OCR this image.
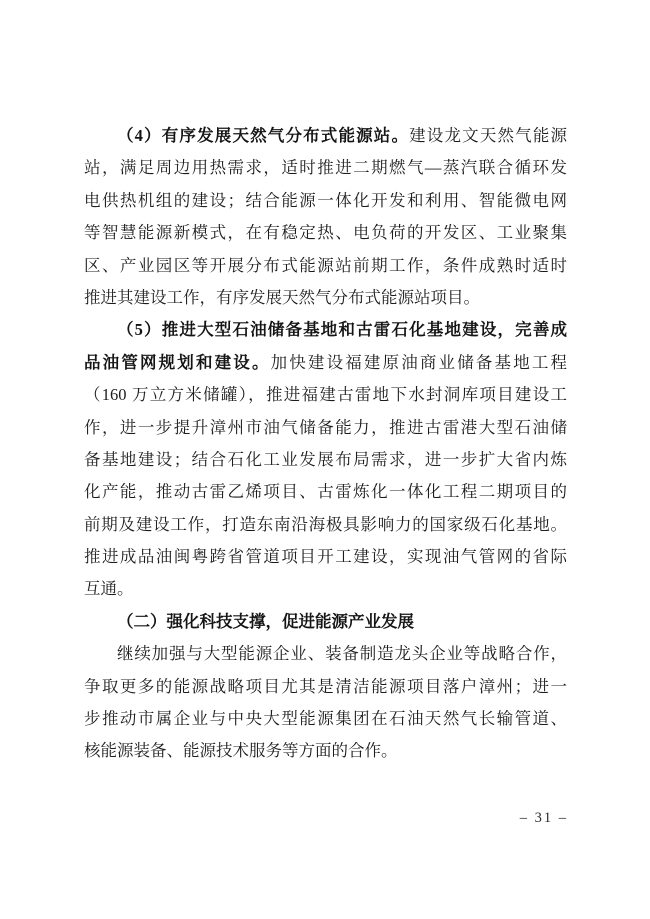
（4）有序发展天然气分布式能源站。建设龙文天然气能源
站，满足周边用热需求，适时推进二期燃气—蒸汽联合循环发
电供热机组的建设；结合能源一体化开发和利用、智能微电网
等智慧能源新模式，在有稳定热、电负荷的开发区、工业聚集
区、产业园区等开展分布式能源站前期工作，条件成熟时适时
推进其建设工作，有序发展天然气分布式能源站项目。
（5）推进大型石油储备基地和古雷石化基地建设，完善成
品油管网规划和建设。加快建设福建原油商业储备基地工程
（160 万立方米储罐），推进福建古雷地下水封洞库项目建设工
作，进一步提升漳州市油气储备能力，推进古雷港大型石油储
备基地建设；结合石化工业发展布局需求，进一步扩大省内炼
化产能，推动古雷乙烯项目、古雷炼化一体化工程二期项目的
前期及建设工作，打造东南沿海极具影响力的国家级石化基地。
推进成品油闽粤跨省管道项目开工建设，实现油气管网的省际
互通。
（二）强化科技支撑，促进能源产业发展
继续加强与大型能源企业、装备制造龙头企业等战略合作，
争取更多的能源战略项目尤其是清洁能源项目落户漳州；进一
步推动市属企业与中央大型能源集团在石油天然气长输管道、
核能源装备、能源技术服务等方面的合作。
– 31 –
